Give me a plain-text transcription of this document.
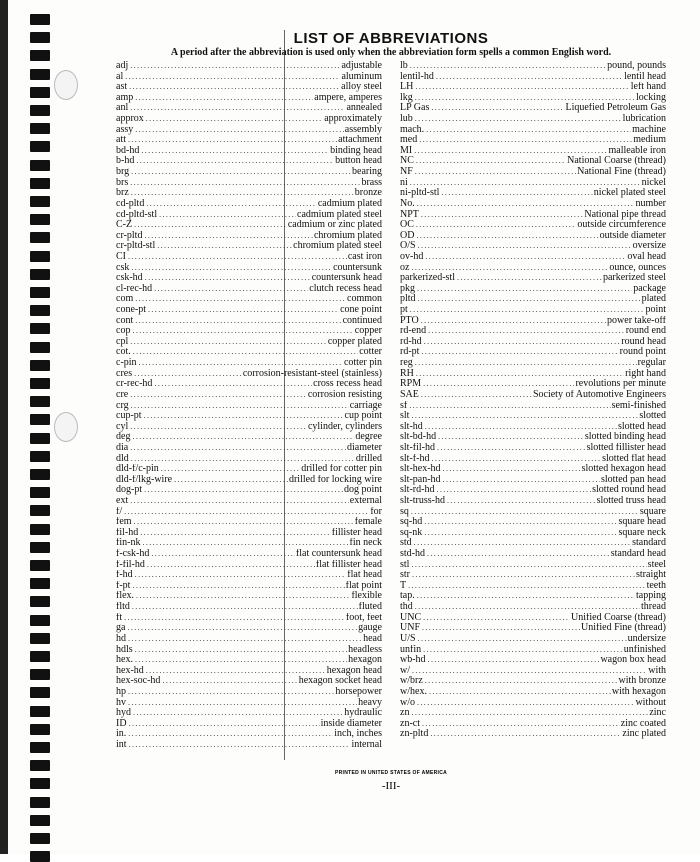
LIST OF ABBREVIATIONS

A period after the abbreviation is used only when the abbreviation form spells a common English word.

adj .....	adjustable
al .....	aluminum
ast .....	alloy steel
amp .....	ampere, amperes
anl .....	annealed
approx .....	approximately
assy .....	assembly
att .....	attachment
bd-hd .....	binding head
b-hd .....	button head
brg .....	bearing
brs .....	brass
brz .....	bronze
cd-pltd .....	cadmium plated
cd-pltd-stl .....	cadmium plated steel
C-Z .....	cadmium or zinc plated
cr-pltd .....	chromium plated
cr-pltd-stl .....	chromium plated steel
CI .....	cast iron
csk .....	countersunk
csk-hd .....	countersunk head
cl-rec-hd .....	clutch recess head
com .....	common
cone-pt .....	cone point
cont .....	continued
cop .....	copper
cpl .....	copper plated
cot. .....	cotter
c-pin .....	cotter pin
cres .....	corrosion-resistant-steel (stainless)
cr-rec-hd .....	cross recess head
cre .....	corrosion resisting
crg .....	carriage
cup-pt .....	cup point
cyl .....	cylinder, cylinders
deg .....	degree
dia .....	diameter
dld .....	drilled
dld-f/c-pin .....	drilled for cotter pin
dld-f/lkg-wire .....	drilled for locking wire
dog-pt .....	dog point
ext .....	external
f/ .....	for
fem .....	female
fil-hd .....	fillister head
fin-nk .....	fin neck
f-csk-hd .....	flat countersunk head
f-fil-hd .....	flat fillister head
f-hd .....	flat head
f-pt .....	flat point
flex. .....	flexible
fltd .....	fluted
ft .....	foot, feet
ga .....	gauge
hd .....	head
hdls .....	headless
hex. .....	hexagon
hex-hd .....	hexagon head
hex-soc-hd .....	hexagon socket head
hp .....	horsepower
hv .....	heavy
hyd .....	hydraulic
ID .....	inside diameter
in. .....	inch, inches
int .....	internal
lb .....	pound, pounds
lentil-hd .....	lentil head
LH .....	left hand
lkg .....	locking
LP Gas .....	Liquefied Petroleum Gas
lub .....	lubrication
mach. .....	machine
med .....	medium
MI .....	malleable iron
NC .....	National Coarse (thread)
NF .....	National Fine (thread)
ni .....	nickel
ni-pltd-stl .....	nickel plated steel
No. .....	number
NPT .....	National pipe thread
OC .....	outside circumference
OD .....	outside diameter
O/S .....	oversize
ov-hd .....	oval head
oz .....	ounce, ounces
parkerized-stl .....	parkerized steel
pkg .....	package
pltd .....	plated
pt .....	point
PTO .....	power take-off
rd-end .....	round end
rd-hd .....	round head
rd-pt .....	round point
reg .....	regular
RH .....	right hand
RPM .....	revolutions per minute
SAE .....	Society of Automotive Engineers
sf .....	semi-finished
slt .....	slotted
slt-hd .....	slotted head
slt-bd-hd .....	slotted binding head
slt-fil-hd .....	slotted fillister head
slt-f-hd .....	slotted flat head
slt-hex-hd .....	slotted hexagon head
slt-pan-hd .....	slotted pan head
slt-rd-hd .....	slotted round head
slt-truss-hd .....	slotted truss head
sq .....	square
sq-hd .....	square head
sq-nk .....	square neck
std .....	standard
std-hd .....	standard head
stl .....	steel
str .....	straight
T .....	teeth
tap. .....	tapping
thd .....	thread
UNC .....	Unified Coarse (thread)
UNF .....	Unified Fine (thread)
U/S .....	undersize
unfin .....	unfinished
wb-hd .....	wagon box head
w/ .....	with
w/brz .....	with bronze
w/hex. .....	with hexagon
w/o .....	without
zn .....	zinc
zn-ct .....	zinc coated
zn-pltd .....	zinc plated
PRINTED IN UNITED STATES OF AMERICA
-III-
